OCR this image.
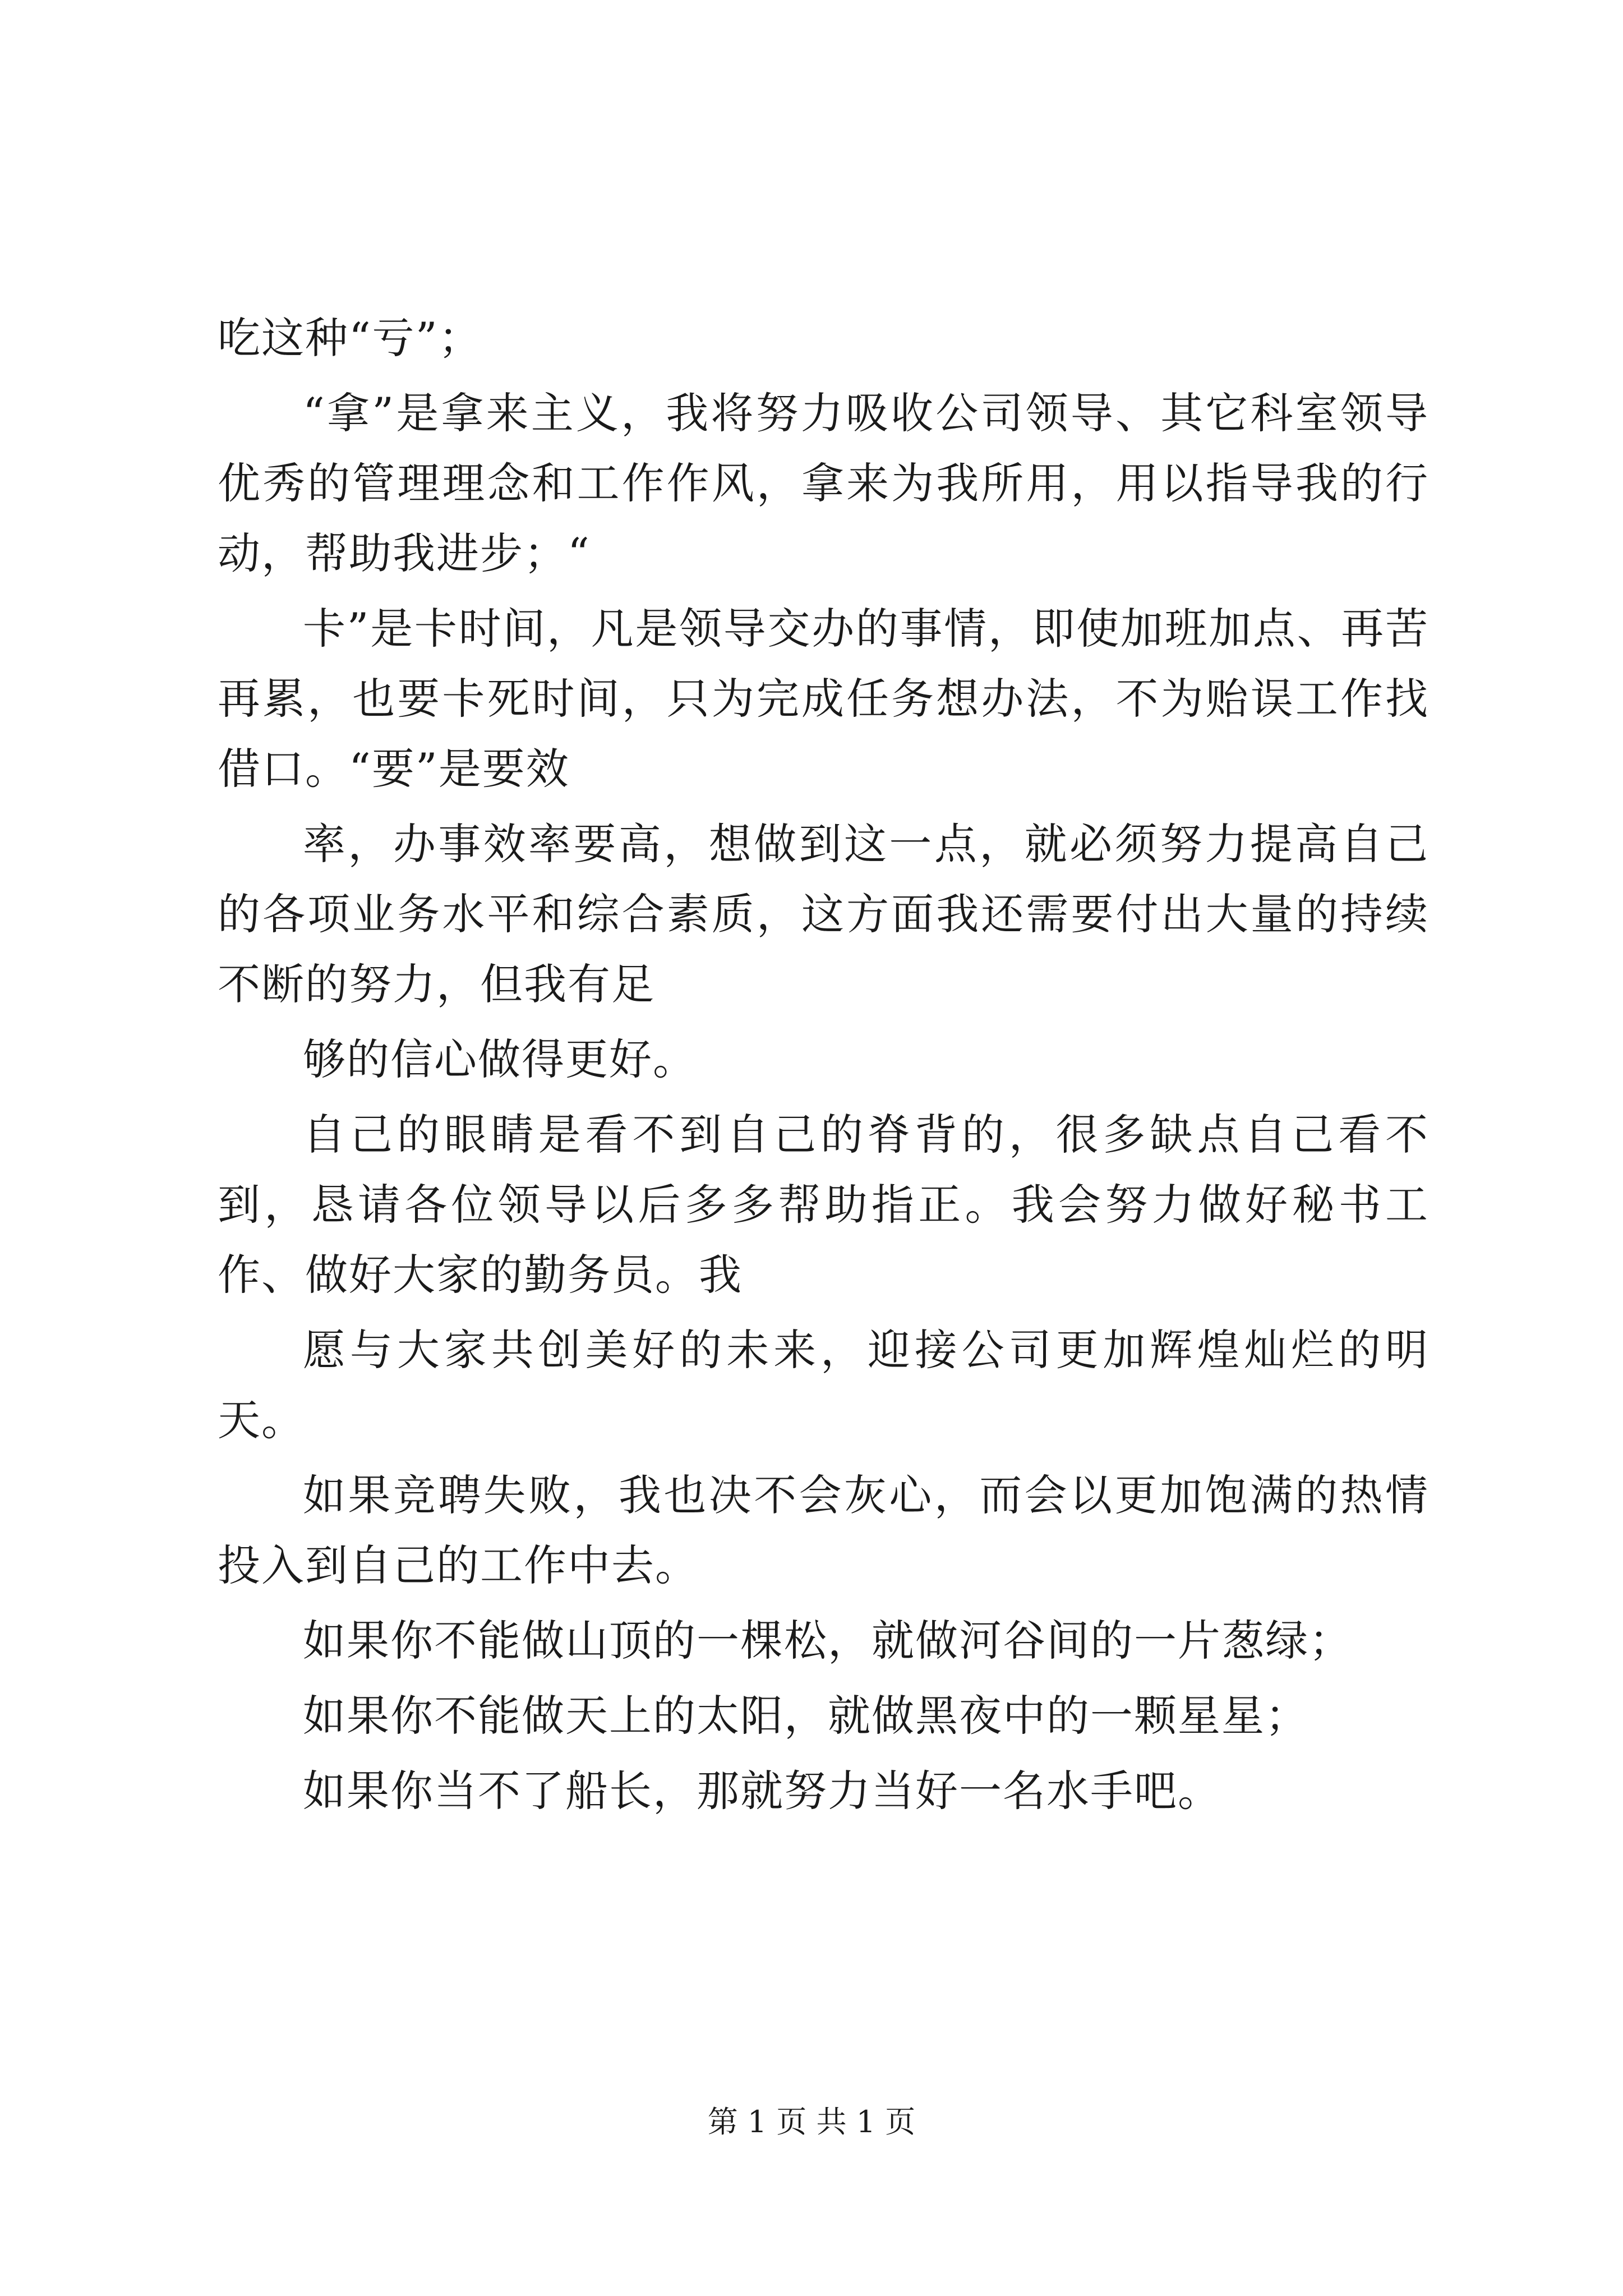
吃这种“亏”；

“拿”是拿来主义，我将努力吸收公司领导、其它科室领导优秀的管理理念和工作作风，拿来为我所用，用以指导我的行动，帮助我进步；“

卡”是卡时间，凡是领导交办的事情，即使加班加点、再苦再累，也要卡死时间，只为完成任务想办法，不为贻误工作找借口。“要”是要效

率，办事效率要高，想做到这一点，就必须努力提高自己的各项业务水平和综合素质，这方面我还需要付出大量的持续不断的努力，但我有足

够的信心做得更好。

自己的眼睛是看不到自己的脊背的，很多缺点自己看不到，恳请各位领导以后多多帮助指正。我会努力做好秘书工作、做好大家的勤务员。我

愿与大家共创美好的未来，迎接公司更加辉煌灿烂的明天。

如果竞聘失败，我也决不会灰心，而会以更加饱满的热情投入到自己的工作中去。

如果你不能做山顶的一棵松，就做河谷间的一片葱绿；

如果你不能做天上的太阳，就做黑夜中的一颗星星；

如果你当不了船长，那就努力当好一名水手吧。

第 1 页 共 1 页
